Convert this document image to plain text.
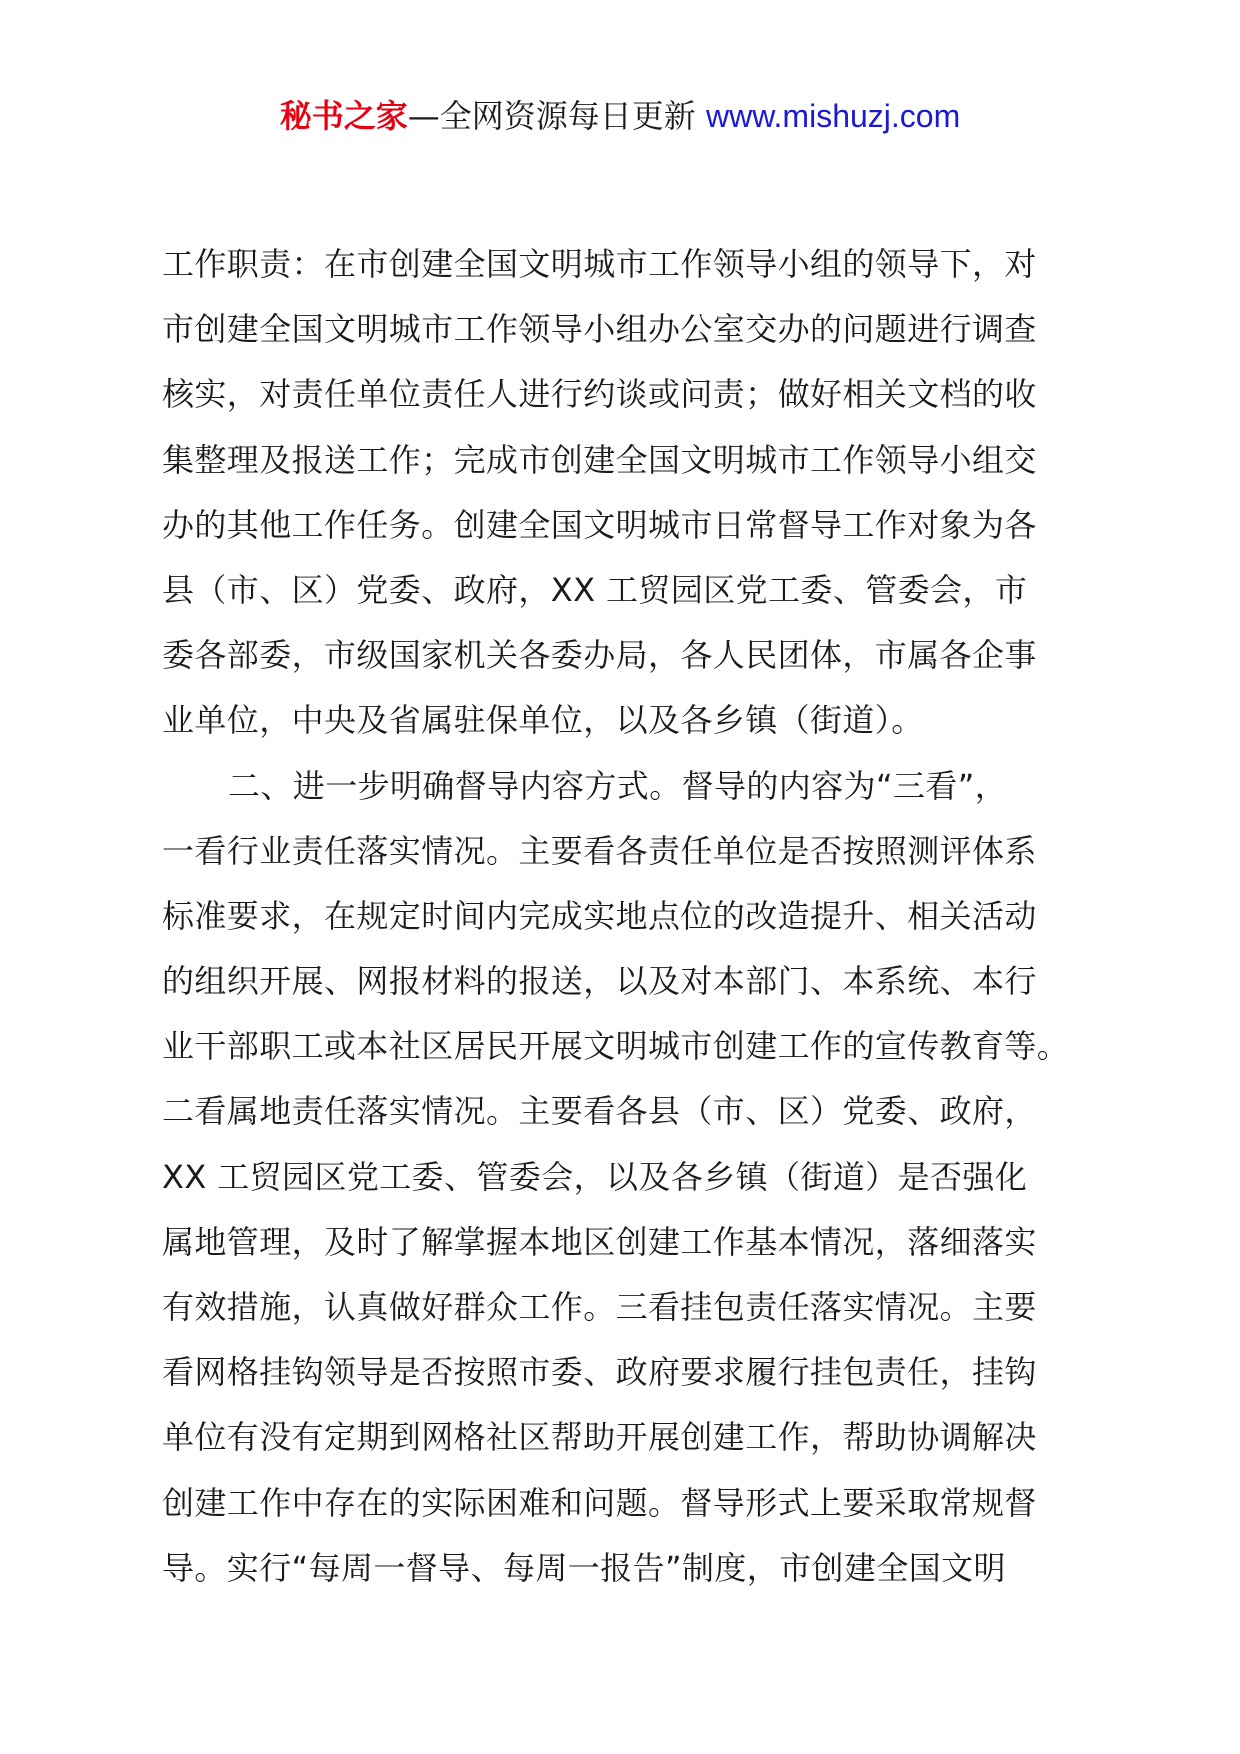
秘书之家—全网资源每日更新 www.mishuzj.com
工作职责：在市创建全国文明城市工作领导小组的领导下，对
市创建全国文明城市工作领导小组办公室交办的问题进行调查
核实，对责任单位责任人进行约谈或问责；做好相关文档的收
集整理及报送工作；完成市创建全国文明城市工作领导小组交
办的其他工作任务。创建全国文明城市日常督导工作对象为各
县（市、区）党委、政府，XX 工贸园区党工委、管委会，市
委各部委，市级国家机关各委办局，各人民团体，市属各企事
业单位，中央及省属驻保单位，以及各乡镇（街道）。
二、进一步明确督导内容方式。督导的内容为“三看”，
一看行业责任落实情况。主要看各责任单位是否按照测评体系
标准要求，在规定时间内完成实地点位的改造提升、相关活动
的组织开展、网报材料的报送，以及对本部门、本系统、本行
业干部职工或本社区居民开展文明城市创建工作的宣传教育等。
二看属地责任落实情况。主要看各县（市、区）党委、政府，
XX 工贸园区党工委、管委会，以及各乡镇（街道）是否强化
属地管理，及时了解掌握本地区创建工作基本情况，落细落实
有效措施，认真做好群众工作。三看挂包责任落实情况。主要
看网格挂钩领导是否按照市委、政府要求履行挂包责任，挂钩
单位有没有定期到网格社区帮助开展创建工作，帮助协调解决
创建工作中存在的实际困难和问题。督导形式上要采取常规督
导。实行“每周一督导、每周一报告”制度，市创建全国文明
